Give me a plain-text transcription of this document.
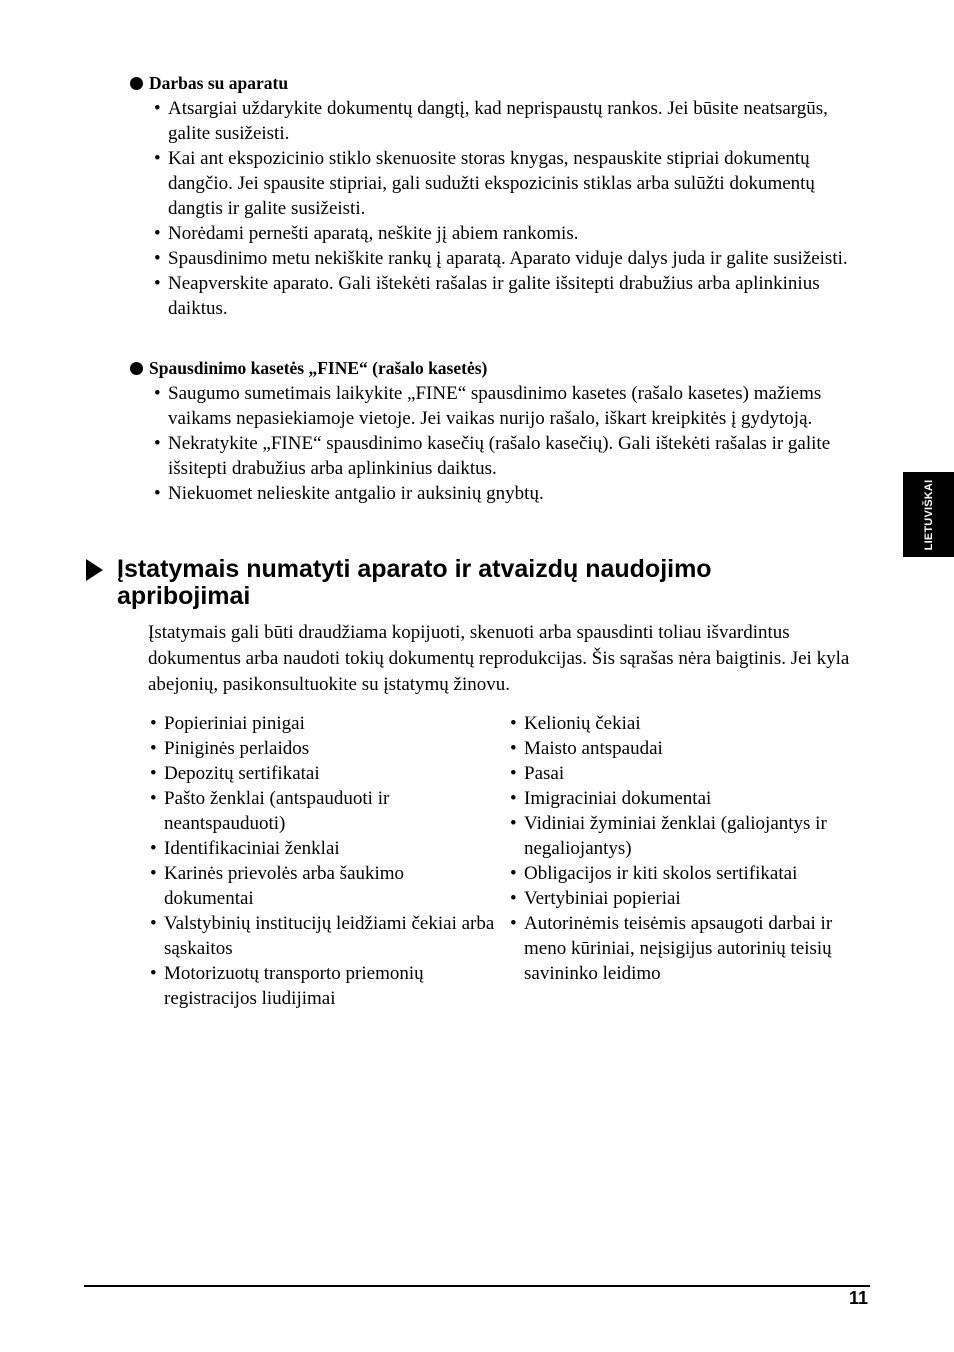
Darbas su aparatu
• Atsargiai uždarykite dokumentų dangtį, kad neprispaustų rankos. Jei būsite neatsargūs, galite susižeisti.
• Kai ant ekspozicinio stiklo skenuosite storas knygas, nespauskite stipriai dokumentų dangčio. Jei spausite stipriai, gali sudužti ekspozicinis stiklas arba sulūžti dokumentų dangtis ir galite susižeisti.
• Norėdami pernešti aparatą, neškite jį abiem rankomis.
• Spausdinimo metu nekiškite rankų į aparatą. Aparato viduje dalys juda ir galite susižeisti.
• Neapverskite aparato. Gali ištekėti rašalas ir galite išsitepti drabužius arba aplinkinius daiktus.
Spausdinimo kasetės „FINE“ (rašalo kasetės)
• Saugumo sumetimais laikykite „FINE“ spausdinimo kasetes (rašalo kasetes) mažiems vaikams nepasiekiamoje vietoje. Jei vaikas nurijo rašalo, iškart kreipkitės į gydytoją.
• Nekratykite „FINE“ spausdinimo kasečių (rašalo kasečių). Gali ištekėti rašalas ir galite išsitepti drabužius arba aplinkinius daiktus.
• Niekuomet nelieskite antgalio ir auksinių gnybtų.
Įstatymais numatyti aparato ir atvaizdų naudojimo apribojimai
Įstatymais gali būti draudžiama kopijuoti, skenuoti arba spausdinti toliau išvardintus dokumentus arba naudoti tokių dokumentų reprodukcijas. Šis sąrašas nėra baigtinis. Jei kyla abejonių, pasikonsultuokite su įstatymų žinovu.
• Popieriniai pinigai
• Piniginės perlaidos
• Depozitų sertifikatai
• Pašto ženklai (antspauduoti ir neantspauduoti)
• Identifikaciniai ženklai
• Karinės prievolės arba šaukimo dokumentai
• Valstybinių institucijų leidžiami čekiai arba sąskaitos
• Motorizuotų transporto priemonių registracijos liudijimai
• Kelionių čekiai
• Maisto antspaudai
• Pasai
• Imigraciniai dokumentai
• Vidiniai žyminiai ženklai (galiojantys ir negaliojantys)
• Obligacijos ir kiti skolos sertifikatai
• Vertybiniai popieriai
• Autorinėmis teisėmis apsaugoti darbai ir meno kūriniai, neįsigijus autorinių teisių savininko leidimo
LIETUVIŠKAI
11
